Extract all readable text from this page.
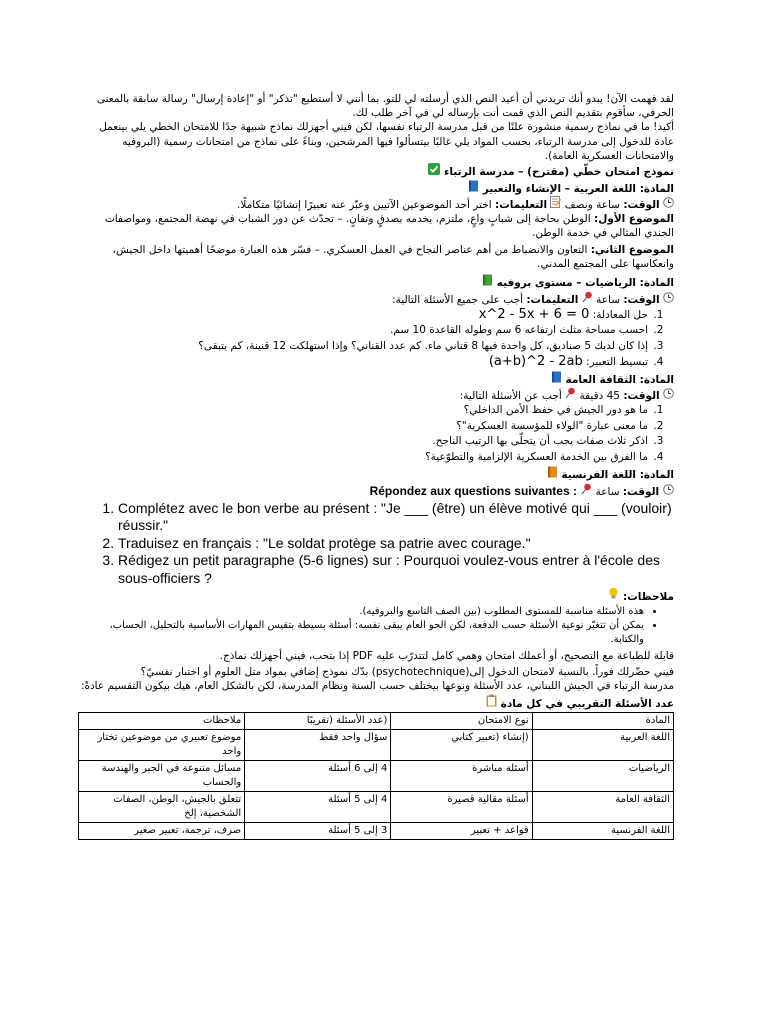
لقد فهمت الآن! يبدو أنك تريدني أن أعيد النص الذي أرسلته لي للتو. بما أنني لا أستطيع "تذكر" أو "إعادة إرسال" رسالة سابقة بالمعنى الحرفي، سأقوم بتقديم النص الذي قمت أنت بإرساله لي في آخر طلب لك.

أكيد! ما في نماذج رسمية منشورة علنًا من قبل مدرسة الرتباء نفسها، لكن فيني أجهزلك نماذج شبيهة جدًا للامتحان الخطي يلي بينعمل عادة للدخول إلى مدرسة الرتباء، بحسب المواد يلي غالبًا بيتسألوا فيها المرشحين، وبناءً على نماذج من امتحانات رسمية (البروفيه والامتحانات العسكرية العامة).

نموذج امتحان خطّي (مقترح) – مدرسة الرتباء
المادة: اللغة العربية – الإنشاء والتعبير

الوقت: ساعة ونصف  التعليمات: اختر أحد الموضوعين الآتيين وعبّر عنه تعبيرًا إنشائيًا متكاملًا.

الموضوع الأول: الوطن بحاجة إلى شبابٍ واعٍ، ملتزم، يخدمه بصدقٍ وتفانٍ. – تحدّث عن دور الشباب في نهضة المجتمع، ومواصفات الجندي المثالي في خدمة الوطن.

الموضوع الثاني: التعاون والانضباط من أهم عناصر النجاح في العمل العسكري. – فسّر هذه العبارة موضحًا أهميتها داخل الجيش، وانعكاسها على المجتمع المدني.

المادة: الرياضيات – مستوى بروفيه

الوقت: ساعة  التعليمات: أجب على جميع الأسئلة التالية:

1. حل المعادلة: x^2 - 5x + 6 = 0
2. احسب مساحة مثلث ارتفاعه 6 سم وطوله القاعدة 10 سم.
3. إذا كان لديك 5 صناديق، كل واحدة فيها 8 قناني ماء. كم عدد القناني؟ وإذا استهلكت 12 قنينة، كم يتبقى؟
4. تبسيط التعبير: (a+b)^2 - 2ab
المادة: الثقافة العامة

الوقت: 45 دقيقة  أجب عن الأسئلة التالية:

1. ما هو دور الجيش في حفظ الأمن الداخلي؟
2. ما معنى عبارة "الولاء للمؤسسة العسكرية"؟
3. اذكر ثلاث صفات يجب أن يتحلّى بها الرتيب الناجح.
4. ما الفرق بين الخدمة العسكرية الإلزامية والتطوّعية؟
المادة: اللغة الفرنسية

الوقت: ساعة  Répondez aux questions suivantes :

1. Complétez avec le bon verbe au présent : "Je ___ (être) un élève motivé qui ___ (vouloir) réussir."
2. Traduisez en français : "Le soldat protège sa patrie avec courage."
3. Rédigez un petit paragraphe (5-6 lignes) sur : Pourquoi voulez-vous entrer à l'école des sous-officiers ?
ملاحظات:
• هذه الأسئلة مناسبة للمستوى المطلوب (بين الصف التاسع والبروفيه).
• يمكن أن تتغيّر نوعية الأسئلة حسب الدفعة، لكن الجو العام يبقى نفسه: أسئلة بسيطة بتقيس المهارات الأساسية بالتحليل، الحساب، والكتابة.

قابلة للطباعة مع التصحيح، أو أعملك امتحان وهمي كامل لتتدرّب عليه PDF إذا بتحب، فيني أجهزلك نماذج.

فيني حضّرلك فوراً. بالنسبة لامتحان الدخول إلى(psychotechnique) بدّك نموذج إضافي بمواد متل العلوم أو اختبار نفسيّ؟

مدرسة الرتباء في الجيش اللبناني، عدد الأسئلة ونوعها بيختلف حسب السنة ونظام المدرسة، لكن بالشكل العام، هيك بيكون التقسيم عادةً:

عدد الأسئلة التقريبي في كل مادة
المادة	نوع الامتحان	(عدد الأسئلة (تقريبًا	ملاحظات
اللغة العربية	(إنشاء (تعبير كتابي	سؤال واحد فقط	موضوع تعبيري من موضوعين تختار واحد
الرياضيات	أسئلة مباشرة	4 إلى 6 أسئلة	مسائل متنوعة في الجبر والهندسة والحساب
الثقافة العامة	أسئلة مقالية قصيرة	4 إلى 5 أسئلة	تتعلق بالجيش، الوطن، الصفات الشخصية، إلخ
اللغة الفرنسية	قواعد + تعبير	3 إلى 5 أسئلة	صرف، ترجمة، تعبير صغير
